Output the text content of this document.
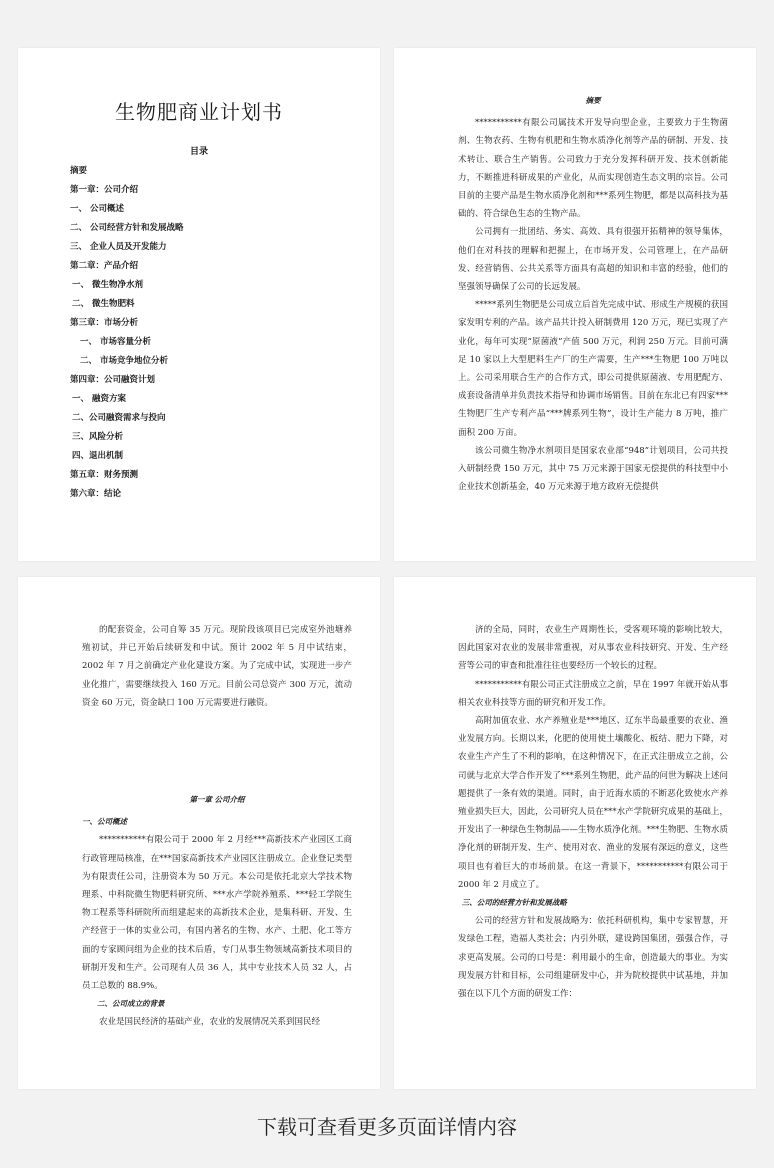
生物肥商业计划书
目录
摘要
第一章：公司介绍
一、 公司概述
二、 公司经营方针和发展战略
三、 企业人员及开发能力
第二章：产品介绍
一、 微生物净水剂
二、 微生物肥料
第三章：市场分析
一、 市场容量分析
二、 市场竞争地位分析
第四章：公司融资计划
一、 融资方案
二、公司融资需求与投向
三、风险分析
四、退出机制
第五章：财务预测
第六章：结论
摘要

***********有限公司属技术开发导向型企业，主要致力于生物菌剂、生物农药、生物有机肥和生物水质净化剂等产品的研制、开发、技术转让、联合生产销售。公司致力于充分发挥科研开发、技术创新能力，不断推进科研成果的产业化，从而实现创造生态文明的宗旨。公司目前的主要产品是生物水质净化剂和***系列生物肥，都是以高科技为基础的、符合绿色生态的生物产品。

公司拥有一批团结、务实、高效、具有很强开拓精神的领导集体，他们在对科技的理解和把握上，在市场开发、公司管理上，在产品研发、经营销售、公共关系等方面具有高超的知识和丰富的经验，他们的坚强领导确保了公司的长远发展。

*****系列生物肥是公司成立后首先完成中试、形成生产规模的获国家发明专利的产品。该产品共计投入研制费用 120 万元，现已实现了产业化，每年可实现“原菌液”产值 500 万元，利润 250 万元。目前可满足 10 家以上大型肥料生产厂的生产需要，生产***生物肥 100 万吨以上。公司采用联合生产的合作方式，即公司提供原菌液、专用肥配方、成套设备清单并负责技术指导和协调市场销售。目前在东北已有四家***生物肥厂生产专利产品“***牌系列生物”，设计生产能力 8 万吨，推广面积 200 万亩。

该公司微生物净水剂项目是国家农业部“948”计划项目，公司共投入研制经费 150 万元，其中 75 万元来源于国家无偿提供的科技型中小企业技术创新基金，40 万元来源于地方政府无偿提供

的配套资金，公司自筹 35 万元。现阶段该项目已完成室外池塘养殖初试，并已开始后续研发和中试。预计 2002 年 5 月中试结束，2002 年 7 月之前确定产业化建设方案。为了完成中试，实现进一步产业化推广，需要继续投入 160 万元。目前公司总资产 300 万元，流动资金 60 万元，资金缺口 100 万元需要进行融资。

第一章 公司介绍
一、公司概述

***********有限公司于 2000 年 2 月经***高新技术产业园区工商行政管理局核准，在***国家高新技术产业园区注册成立。企业登记类型为有限责任公司，注册资本为 50 万元。本公司是依托北京大学技术物理系、中科院微生物肥料研究所、***水产学院养殖系、***轻工学院生物工程系等科研院所而组建起来的高新技术企业，是集科研、开发、生产经营于一体的实业公司，有国内著名的生物、水产、土肥、化工等方面的专家顾问组为企业的技术后盾，专门从事生物领域高新技术项目的研制开发和生产。公司现有人员 36 人，其中专业技术人员 32 人，占员工总数的 88.9%。

二、公司成立的背景

农业是国民经济的基础产业，农业的发展情况关系到国民经

济的全局，同时，农业生产周期性长，受客观环境的影响比较大，因此国家对农业的发展非常重视，对从事农业科技研究、开发、生产经营等公司的审查和批准往往也要经历一个较长的过程。

***********有限公司正式注册成立之前，早在 1997 年就开始从事相关农业科技等方面的研究和开发工作。

高附加值农业、水产养殖业是***地区、辽东半岛最重要的农业、渔业发展方向。长期以来，化肥的使用使土壤酸化、板结、肥力下降，对农业生产产生了不利的影响，在这种情况下，在正式注册成立之前，公司就与北京大学合作开发了***系列生物肥，此产品的问世为解决上述问题提供了一条有效的渠道。同时，由于近海水质的不断恶化致使水产养殖业损失巨大，因此，公司研究人员在***水产学院研究成果的基础上，开发出了一种绿色生物制品——生物水质净化剂。***生物肥、生物水质净化剂的研制开发、生产、使用对农、渔业的发展有深远的意义，这些项目也有着巨大的市场前景。在这一背景下，***********有限公司于 2000 年 2 月成立了。

三、公司的经营方针和发展战略

公司的经营方针和发展战略为：依托科研机构，集中专家智慧，开发绿色工程，造福人类社会；内引外联，建设跨国集团，强强合作，寻求更高发展。公司的口号是：利用最小的生命，创造最大的事业。为实现发展方针和目标，公司组建研发中心，并为院校提供中试基地，并加强在以下几个方面的研发工作：

下载可查看更多页面详情内容
